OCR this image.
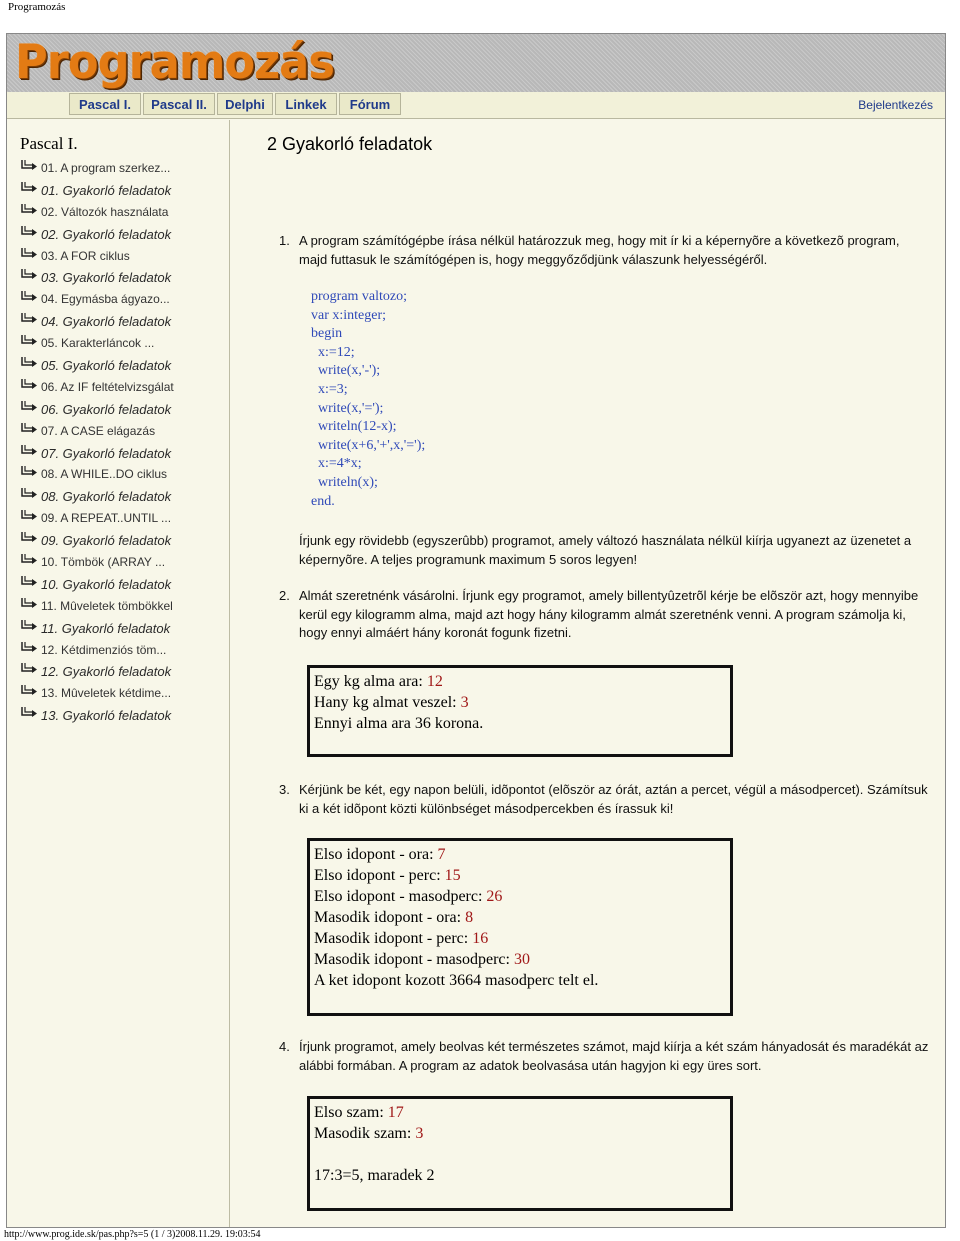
Programozás
Programozás
Pascal I.	Pascal II.	Delphi	Linkek	Fórum	Bejelentkezés
Pascal I.
01. A program szerkez...
01. Gyakorló feladatok
02. Változók használata
02. Gyakorló feladatok
03. A FOR ciklus
03. Gyakorló feladatok
04. Egymásba ágyazo...
04. Gyakorló feladatok
05. Karakterláncok ...
05. Gyakorló feladatok
06. Az IF feltételvizsgálat
06. Gyakorló feladatok
07. A CASE elágazás
07. Gyakorló feladatok
08. A WHILE..DO ciklus
08. Gyakorló feladatok
09. A REPEAT..UNTIL ...
09. Gyakorló feladatok
10. Tömbök (ARRAY ...
10. Gyakorló feladatok
11. Mûveletek tömbökkel
11. Gyakorló feladatok
12. Kétdimenziós töm...
12. Gyakorló feladatok
13. Mûveletek kétdime...
13. Gyakorló feladatok
2 Gyakorló feladatok
1. A program számítógépbe írása nélkül határozzuk meg, hogy mit ír ki a képernyõre a következõ program, majd futtasuk le számítógépen is, hogy meggyőződjünk válaszunk helyességéről.
program valtozo;
var x:integer;
begin
x:=12;
write(x,'-');
x:=3;
write(x,'=');
writeln(12-x);
write(x+6,'+',x,'=');
x:=4*x;
writeln(x);
end.
Írjunk egy rövidebb (egyszerûbb) programot, amely változó használata nélkül kiírja ugyanezt az üzenetet a képernyõre. A teljes programunk maximum 5 soros legyen!
2. Almát szeretnénk vásárolni. Írjunk egy programot, amely billentyûzetrõl kérje be elõször azt, hogy mennyibe kerül egy kilogramm alma, majd azt hogy hány kilogramm almát szeretnénk venni. A program számolja ki, hogy ennyi almáért hány koronát fogunk fizetni.
Egy kg alma ara: 12
Hany kg almat veszel: 3
Ennyi alma ara 36 korona.
3. Kérjünk be két, egy napon belüli, idõpontot (elõször az órát, aztán a percet, végül a másodpercet). Számítsuk ki a két idõpont közti különbséget másodpercekben és írassuk ki!
Elso idopont - ora: 7
Elso idopont - perc: 15
Elso idopont - masodperc: 26
Masodik idopont - ora: 8
Masodik idopont - perc: 16
Masodik idopont - masodperc: 30
A ket idopont kozott 3664 masodperc telt el.
4. Írjunk programot, amely beolvas két természetes számot, majd kiírja a két szám hányadosát és maradékát az alábbi formában. A program az adatok beolvasása után hagyjon ki egy üres sort.
Elso szam: 17
Masodik szam: 3
17:3=5, maradek 2
http://www.prog.ide.sk/pas.php?s=5 (1 / 3)2008.11.29. 19:03:54
